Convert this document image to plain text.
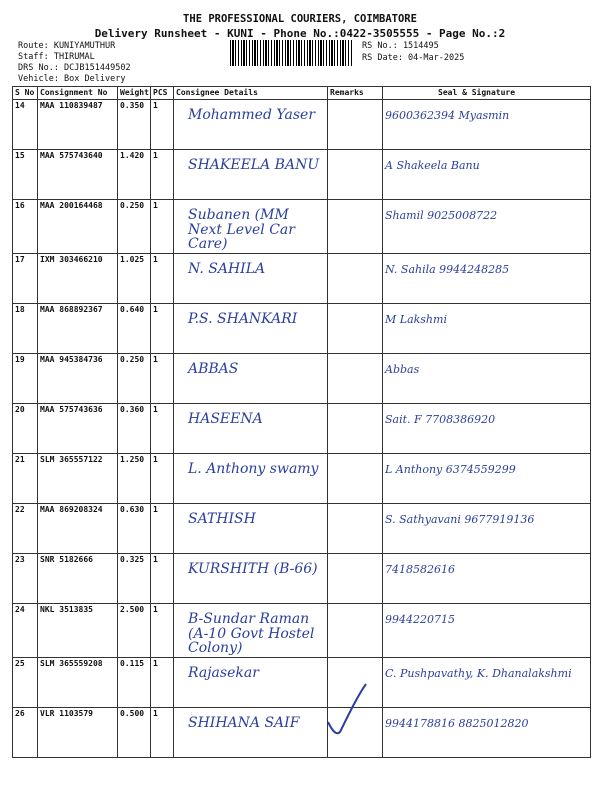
THE PROFESSIONAL COURIERS, COIMBATORE
Delivery Runsheet - KUNI - Phone No.:0422-3505555 - Page No.:2
Route: KUNIYAMUTHUR
Staff: THIRUMAL
DRS No.: DCJB151449502
Vehicle: Box Delivery
RS No.: 1514495
RS Date: 04-Mar-2025
S No	Consignment No	Weight	PCS	Consignee Details	Remarks	Seal & Signature
14	MAA 110839487	0.350	1	Mohammed Yaser		9600362394 Myasmin
15	MAA 575743640	1.420	1	SHAKEELA BANU		A Shakeela Banu
16	MAA 200164468	0.250	1	Subanen (MM Next Level Car Care)		Shamil 9025008722
17	IXM 303466210	1.025	1	N. SAHILA		N. Sahila 9944248285
18	MAA 868892367	0.640	1	P.S. SHANKARI		M Lakshmi
19	MAA 945384736	0.250	1	ABBAS		Abbas
20	MAA 575743636	0.360	1	HASEENA		Sait. F 7708386920
21	SLM 365557122	1.250	1	L. Anthony swamy		L Anthony 6374559299
22	MAA 869208324	0.630	1	SATHISH		S. Sathyavani 9677919136
23	SNR 5182666	0.325	1	KURSHITH (B-66)		7418582616
24	NKL 3513835	2.500	1	B-Sundar Raman (A-10 Govt Hostel Colony)		9944220715
25	SLM 365559208	0.115	1	Rajasekar		C. Pushpavathy, K. Dhanalakshmi
26	VLR 1103579	0.500	1	SHIHANA SAIF		9944178816 8825012820
